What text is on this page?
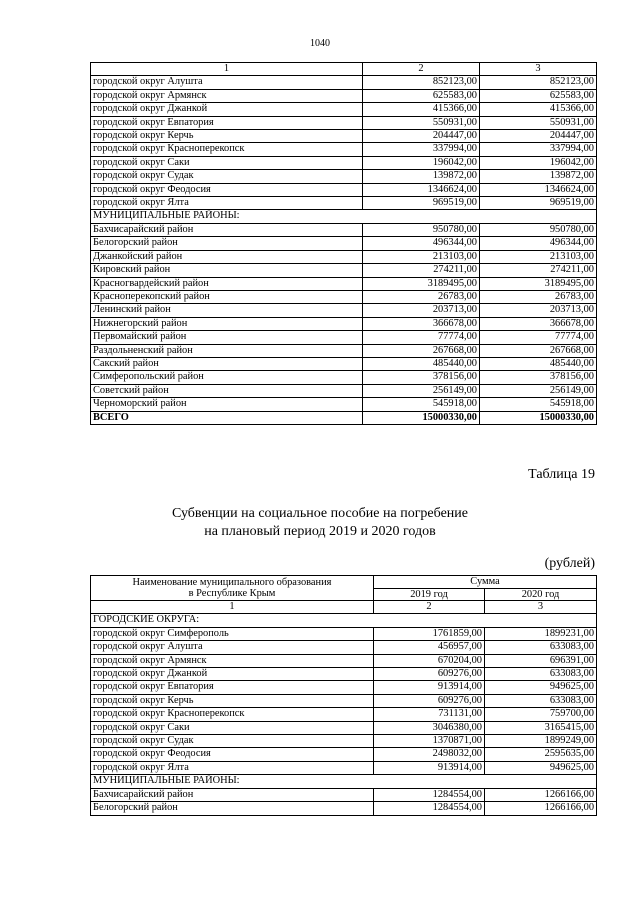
1040
1	2	3
городской округ Алушта	852123,00	852123,00
городской округ Армянск	625583,00	625583,00
городской округ Джанкой	415366,00	415366,00
городской округ Евпатория	550931,00	550931,00
городской округ Керчь	204447,00	204447,00
городской округ Красноперекопск	337994,00	337994,00
городской округ Саки	196042,00	196042,00
городской округ Судак	139872,00	139872,00
городской округ Феодосия	1346624,00	1346624,00
городской округ Ялта	969519,00	969519,00
МУНИЦИПАЛЬНЫЕ РАЙОНЫ:		
Бахчисарайский район	950780,00	950780,00
Белогорский район	496344,00	496344,00
Джанкойский район	213103,00	213103,00
Кировский район	274211,00	274211,00
Красногвардейский район	3189495,00	3189495,00
Красноперекопский район	26783,00	26783,00
Ленинский район	203713,00	203713,00
Нижнегорский район	366678,00	366678,00
Первомайский район	77774,00	77774,00
Раздольненский район	267668,00	267668,00
Сакский район	485440,00	485440,00
Симферопольский район	378156,00	378156,00
Советский район	256149,00	256149,00
Черноморский район	545918,00	545918,00
ВСЕГО	15000330,00	15000330,00
Таблица 19
Субвенции на социальное пособие на погребение
на плановый период 2019 и 2020 годов
(рублей)
Наименование муниципального образования
в Республике Крым	Сумма	
	2019 год	2020 год
1	2	3
ГОРОДСКИЕ ОКРУГА:		
городской округ Симферополь	1761859,00	1899231,00
городской округ Алушта	456957,00	633083,00
городской округ Армянск	670204,00	696391,00
городской округ Джанкой	609276,00	633083,00
городской округ Евпатория	913914,00	949625,00
городской округ Керчь	609276,00	633083,00
городской округ Красноперекопск	731131,00	759700,00
городской округ Саки	3046380,00	3165415,00
городской округ Судак	1370871,00	1899249,00
городской округ Феодосия	2498032,00	2595635,00
городской округ Ялта	913914,00	949625,00
МУНИЦИПАЛЬНЫЕ РАЙОНЫ:		
Бахчисарайский район	1284554,00	1266166,00
Белогорский район	1284554,00	1266166,00
